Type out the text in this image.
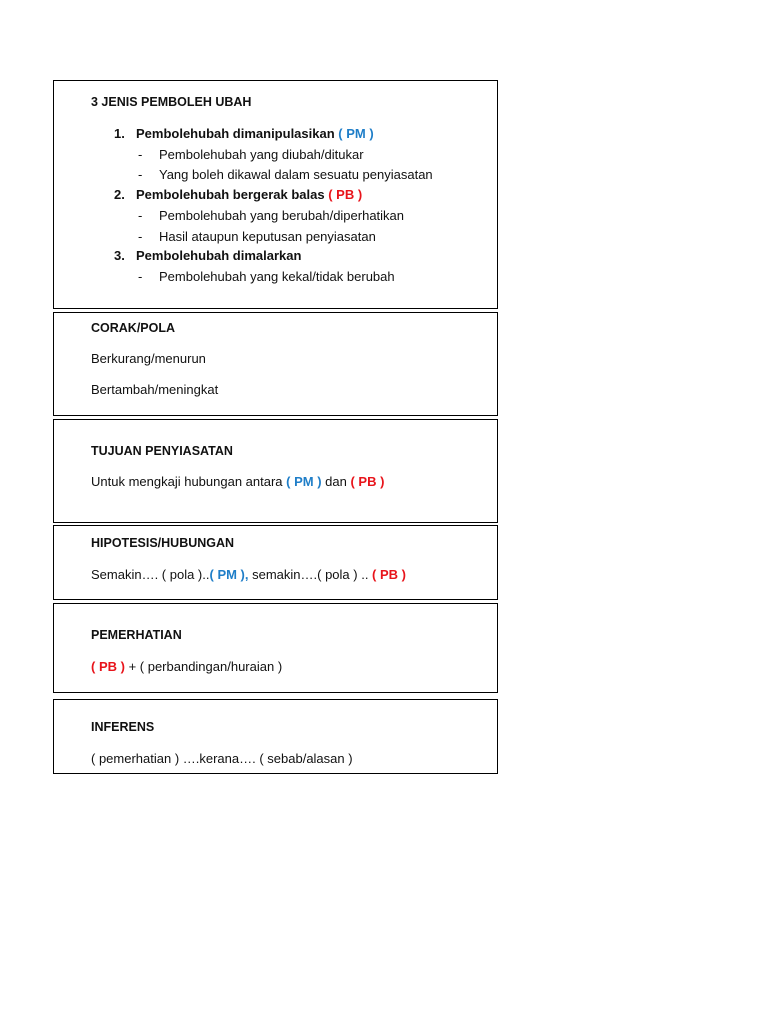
3 JENIS PEMBOLEH UBAH
1. Pembolehubah dimanipulasikan ( PM )
- Pembolehubah yang diubah/ditukar
- Yang boleh dikawal dalam sesuatu penyiasatan
2. Pembolehubah bergerak balas ( PB )
- Pembolehubah yang berubah/diperhatikan
- Hasil ataupun keputusan penyiasatan
3. Pembolehubah dimalarkan
- Pembolehubah yang kekal/tidak berubah
CORAK/POLA
Berkurang/menurun
Bertambah/meningkat
TUJUAN PENYIASATAN
Untuk mengkaji hubungan antara ( PM ) dan ( PB )
HIPOTESIS/HUBUNGAN
Semakin…. ( pola )..( PM ), semakin….( pola ) .. ( PB )
PEMERHATIAN
( PB ) + ( perbandingan/huraian )
INFERENS
( pemerhatian ) ….kerana…. ( sebab/alasan )
